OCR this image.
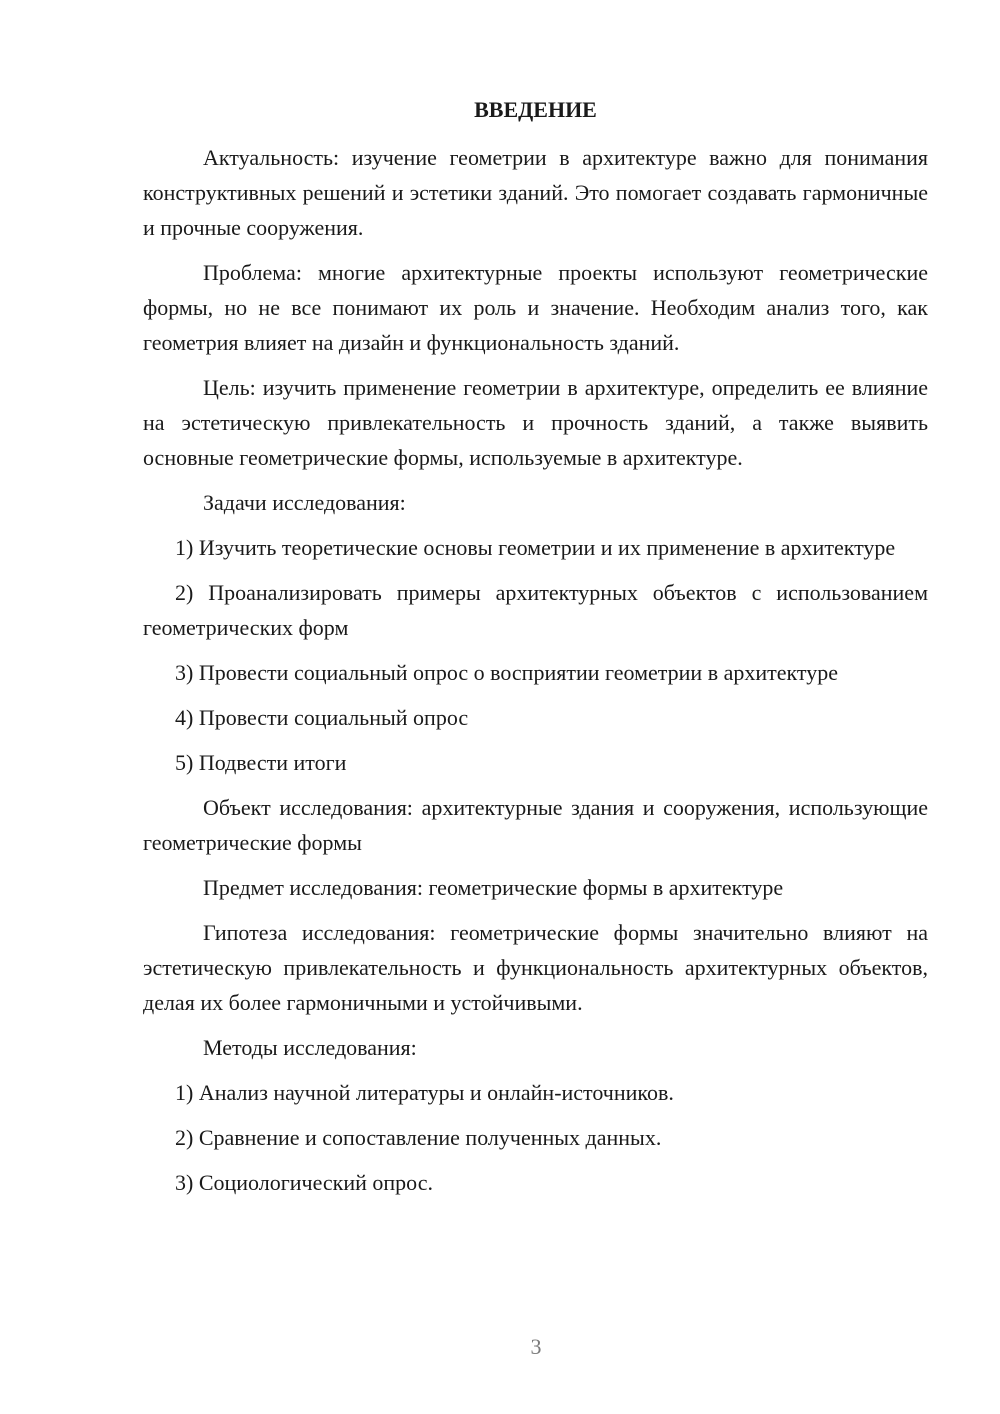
ВВЕДЕНИЕ

Актуальность: изучение геометрии в архитектуре важно для понимания конструктивных решений и эстетики зданий. Это помогает создавать гармоничные и прочные сооружения.

Проблема: многие архитектурные проекты используют геометрические формы, но не все понимают их роль и значение. Необходим анализ того, как геометрия влияет на дизайн и функциональность зданий.

Цель: изучить применение геометрии в архитектуре, определить ее влияние на эстетическую привлекательность и прочность зданий, а также выявить основные геометрические формы, используемые в архитектуре.

Задачи исследования:

1) Изучить теоретические основы геометрии и их применение в архитектуре

2) Проанализировать примеры архитектурных объектов с использованием геометрических форм

3) Провести социальный опрос о восприятии геометрии в архитектуре

4) Провести социальный опрос

5) Подвести итоги

Объект исследования: архитектурные здания и сооружения, использующие геометрические формы

Предмет исследования: геометрические формы в архитектуре

Гипотеза исследования: геометрические формы значительно влияют на эстетическую привлекательность и функциональность архитектурных объектов, делая их более гармоничными и устойчивыми.

Методы исследования:

1) Анализ научной литературы и онлайн-источников.

2) Сравнение и сопоставление полученных данных.

3) Социологический опрос.

3
